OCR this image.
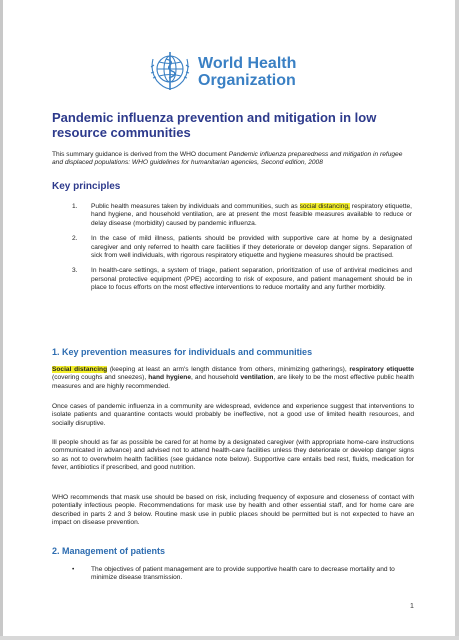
World Health
Organization
Pandemic influenza prevention and mitigation in low resource communities
This summary guidance is derived from the WHO document Pandemic influenza preparedness and mitigation in refugee and displaced populations: WHO guidelines for humanitarian agencies, Second edition, 2008
Key principles
1. Public health measures taken by individuals and communities, such as social distancing, respiratory etiquette, hand hygiene, and household ventilation, are at present the most feasible measures available to reduce or delay disease (morbidity) caused by pandemic influenza.
2. In the case of mild illness, patients should be provided with supportive care at home by a designated caregiver and only referred to health care facilities if they deteriorate or develop danger signs. Separation of sick from well individuals, with rigorous respiratory etiquette and hygiene measures should be practised.
3. In health-care settings, a system of triage, patient separation, prioritization of use of antiviral medicines and personal protective equipment (PPE) according to risk of exposure, and patient management should be in place to focus efforts on the most effective interventions to reduce mortality and any further morbidity.
1. Key prevention measures for individuals and communities
Social distancing (keeping at least an arm's length distance from others, minimizing gatherings), respiratory etiquette (covering coughs and sneezes), hand hygiene, and household ventilation, are likely to be the most effective public health measures and are highly recommended.
Once cases of pandemic influenza in a community are widespread, evidence and experience suggest that interventions to isolate patients and quarantine contacts would probably be ineffective, not a good use of limited health resources, and socially disruptive.
Ill people should as far as possible be cared for at home by a designated caregiver (with appropriate home-care instructions communicated in advance) and advised not to attend health-care facilities unless they deteriorate or develop danger signs so as not to overwhelm health facilities (see guidance note below). Supportive care entails bed rest, fluids, medication for fever, antibiotics if prescribed, and good nutrition.
WHO recommends that mask use should be based on risk, including frequency of exposure and closeness of contact with potentially infectious people. Recommendations for mask use by health and other essential staff, and for home care are described in parts 2 and 3 below. Routine mask use in public places should be permitted but is not expected to have an impact on disease prevention.
2. Management of patients
•	The objectives of patient management are to provide supportive health care to decrease mortality and to minimize disease transmission.
1
